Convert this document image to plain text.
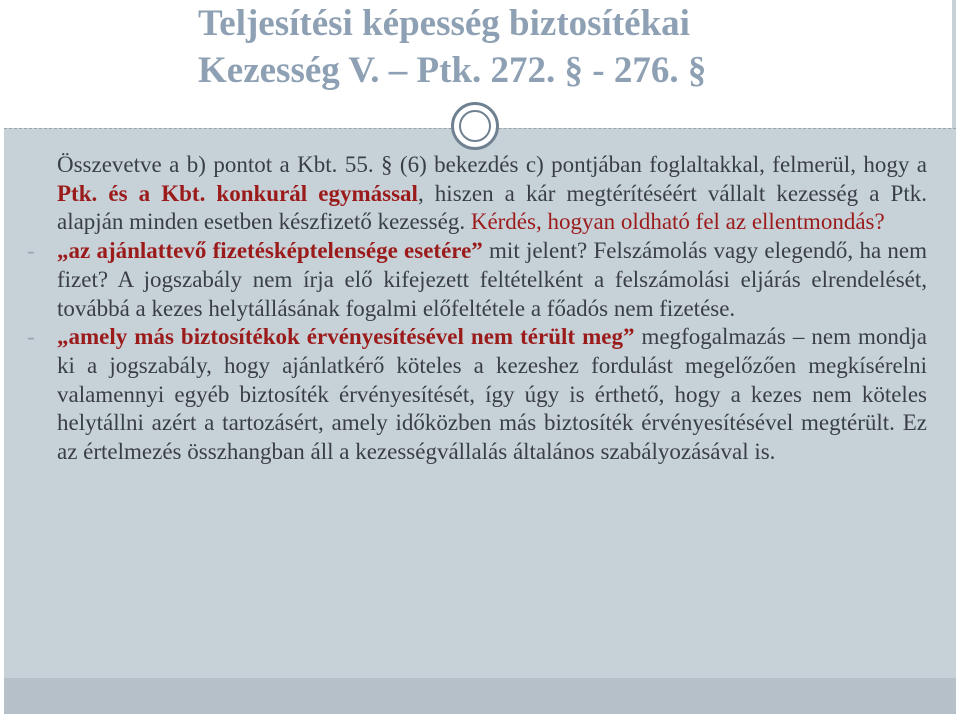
Teljesítési képesség biztosítékai
Kezesség V. – Ptk. 272. § - 276. §

Összevetve a b) pontot a Kbt. 55. § (6) bekezdés c) pontjában foglaltakkal, felmerül, hogy a Ptk. és a Kbt. konkurál egymással, hiszen a kár megtérítéséért vállalt kezesség a Ptk. alapján minden esetben készfizető kezesség. Kérdés, hogyan oldható fel az ellentmondás?

- „az ajánlattevő fizetésképtelensége esetére” mit jelent? Felszámolás vagy elegendő, ha nem fizet? A jogszabály nem írja elő kifejezett feltételként a felszámolási eljárás elrendelését, továbbá a kezes helytállásának fogalmi előfeltétele a főadós nem fizetése.

- „amely más biztosítékok érvényesítésével nem térült meg” megfogalmazás – nem mondja ki a jogszabály, hogy ajánlatkérő köteles a kezeshez fordulást megelőzően megkísérelni valamennyi egyéb biztosíték érvényesítését, így úgy is érthető, hogy a kezes nem köteles helytállni azért a tartozásért, amely időközben más biztosíték érvényesítésével megtérült. Ez az értelmezés összhangban áll a kezességvállalás általános szabályozásával is.
